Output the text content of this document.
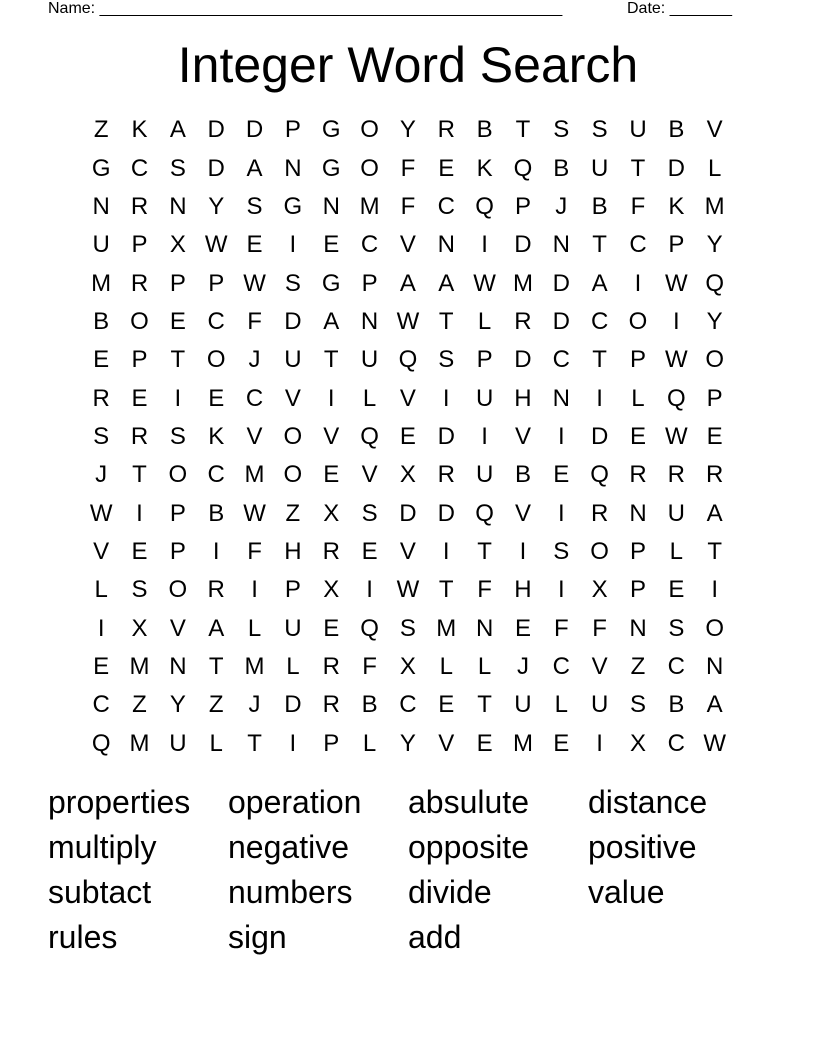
Name: ____________________________________________________	Date: _______
Integer Word Search
Z K A D D P G O Y R B T S S U B V
G C S D A N G O F E K Q B U T D L
N R N Y S G N M F C Q P	J	B F K M
U P X W E	I	E C V N	I	D N T C P Y
M R P P W S G P A A W M D A	I W Q
B O E C F D A N W T	L R D C O	I	Y
E P T O J U T U Q S P D C T P W O
R E	I	E C V	I	L V	I	U H N	I	L Q P
S R S K V O V Q E D	I	V	I	D E W E
J	T O C M O E V X R U B E Q R R R
W I	P B W Z X S D D Q V	I	R N U A
V E P	I	F H R E V	I	T	I	S O P L	T
L S O R	I	P X	I W T F H	I	X P E	I
I	X V A L U E Q S M N E F F N S O
E M N T M L R F X L	L	J C V Z C N
C Z Y Z	J D R B C E T U L U S B A
Q M U L	T	I	P L Y V E M E	I	X C W
properties	operation	absulute	distance
multiply	negative	opposite	positive
subtact	numbers	divide	value
rules	sign	add
